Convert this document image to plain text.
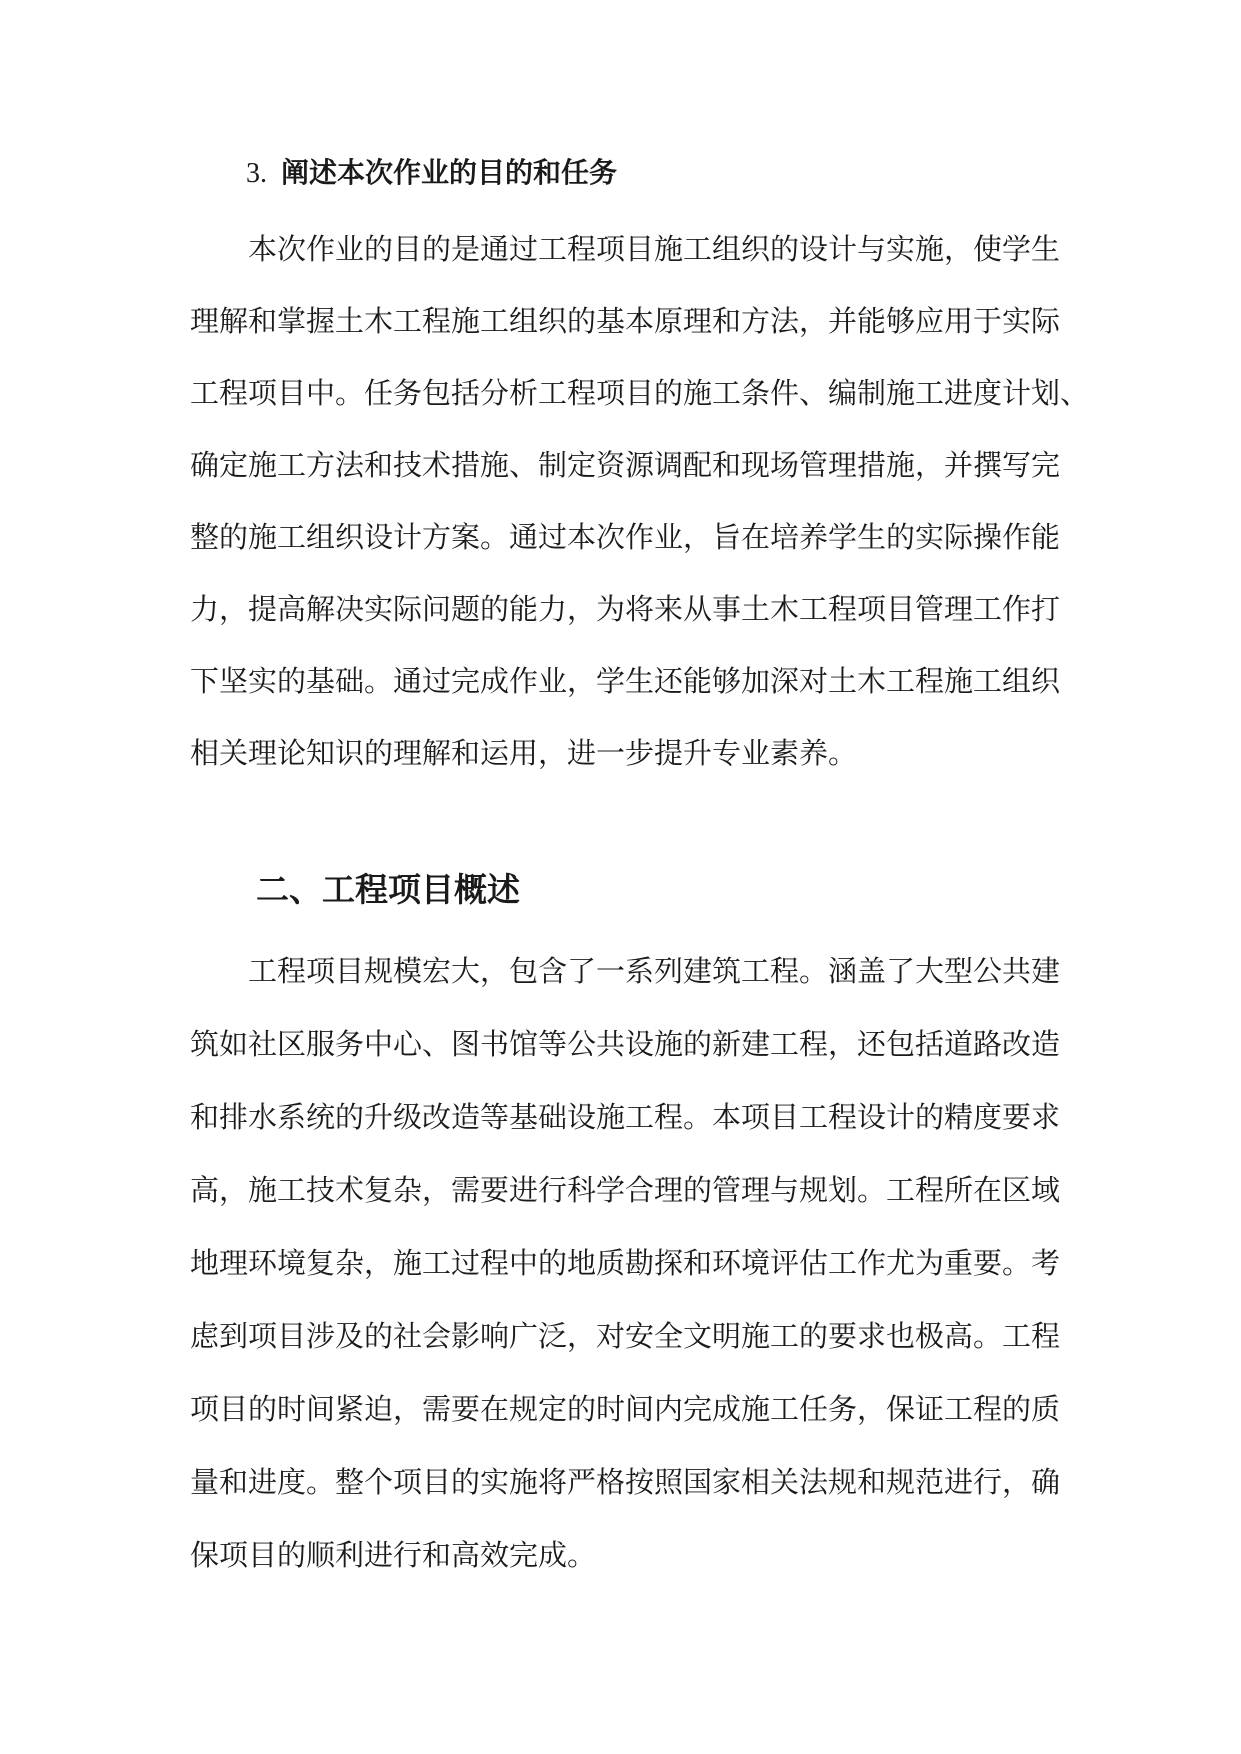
3. 阐述本次作业的目的和任务
本次作业的目的是通过工程项目施工组织的设计与实施，使学生
理解和掌握土木工程施工组织的基本原理和方法，并能够应用于实际
工程项目中。任务包括分析工程项目的施工条件、编制施工进度计划、
确定施工方法和技术措施、制定资源调配和现场管理措施，并撰写完
整的施工组织设计方案。通过本次作业，旨在培养学生的实际操作能
力，提高解决实际问题的能力，为将来从事土木工程项目管理工作打
下坚实的基础。通过完成作业，学生还能够加深对土木工程施工组织
相关理论知识的理解和运用，进一步提升专业素养。
二、工程项目概述
工程项目规模宏大，包含了一系列建筑工程。涵盖了大型公共建
筑如社区服务中心、图书馆等公共设施的新建工程，还包括道路改造
和排水系统的升级改造等基础设施工程。本项目工程设计的精度要求
高，施工技术复杂，需要进行科学合理的管理与规划。工程所在区域
地理环境复杂，施工过程中的地质勘探和环境评估工作尤为重要。考
虑到项目涉及的社会影响广泛，对安全文明施工的要求也极高。工程
项目的时间紧迫，需要在规定的时间内完成施工任务，保证工程的质
量和进度。整个项目的实施将严格按照国家相关法规和规范进行，确
保项目的顺利进行和高效完成。
